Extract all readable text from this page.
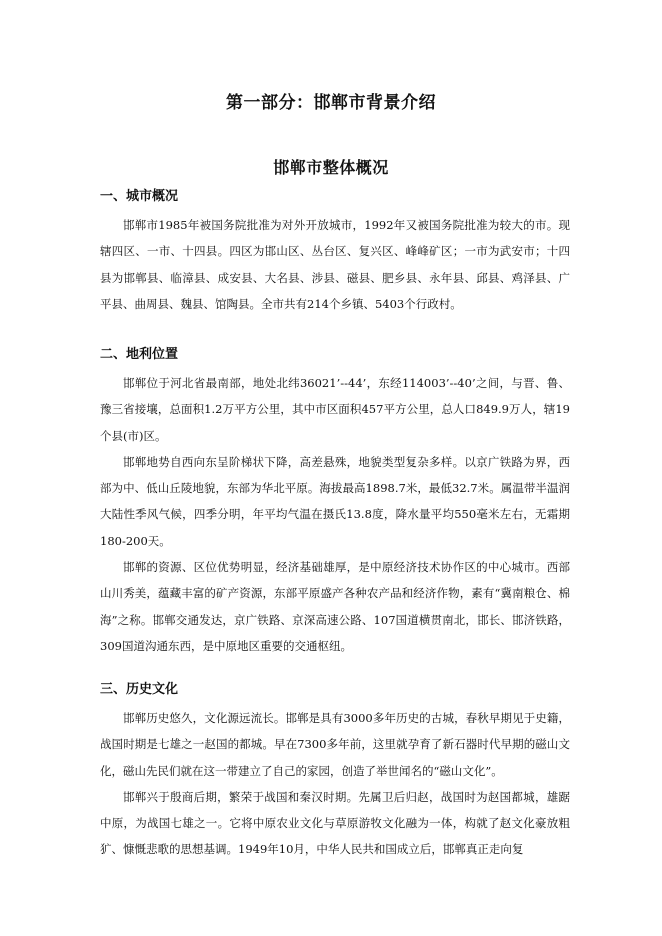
第一部分：邯郸市背景介绍
邯郸市整体概况
一、城市概况

邯郸市1985年被国务院批准为对外开放城市，1992年又被国务院批准为较大的市。现辖四区、一市、十四县。四区为邯山区、丛台区、复兴区、峰峰矿区；一市为武安市；十四县为邯郸县、临漳县、成安县、大名县、涉县、磁县、肥乡县、永年县、邱县、鸡泽县、广平县、曲周县、魏县、馆陶县。全市共有214个乡镇、5403个行政村。

二、地利位置

邯郸位于河北省最南部，地处北纬36021’--44’，东经114003’--40’之间，与晋、鲁、豫三省接壤，总面积1.2万平方公里，其中市区面积457平方公里，总人口849.9万人，辖19个县(市)区。

邯郸地势自西向东呈阶梯状下降，高差悬殊，地貌类型复杂多样。以京广铁路为界，西部为中、低山丘陵地貌，东部为华北平原。海拔最高1898.7米，最低32.7米。属温带半温润大陆性季风气候，四季分明，年平均气温在摄氏13.8度，降水量平均550毫米左右，无霜期180-200天。

邯郸的资源、区位优势明显，经济基础雄厚，是中原经济技术协作区的中心城市。西部山川秀美，蕴藏丰富的矿产资源，东部平原盛产各种农产品和经济作物，素有“冀南粮仓、棉海”之称。邯郸交通发达，京广铁路、京深高速公路、107国道横贯南北，邯长、邯济铁路，309国道沟通东西，是中原地区重要的交通枢纽。

三、历史文化

邯郸历史悠久，文化源远流长。邯郸是具有3000多年历史的古城，春秋早期见于史籍，战国时期是七雄之一赵国的都城。早在7300多年前，这里就孕育了新石器时代早期的磁山文化，磁山先民们就在这一带建立了自己的家园，创造了举世闻名的“磁山文化”。

邯郸兴于殷商后期，繁荣于战国和秦汉时期。先属卫后归赵，战国时为赵国都城，雄踞中原，为战国七雄之一。它将中原农业文化与草原游牧文化融为一体，构就了赵文化豪放粗犷、慷慨悲歌的思想基调。1949年10月，中华人民共和国成立后，邯郸真正走向复
